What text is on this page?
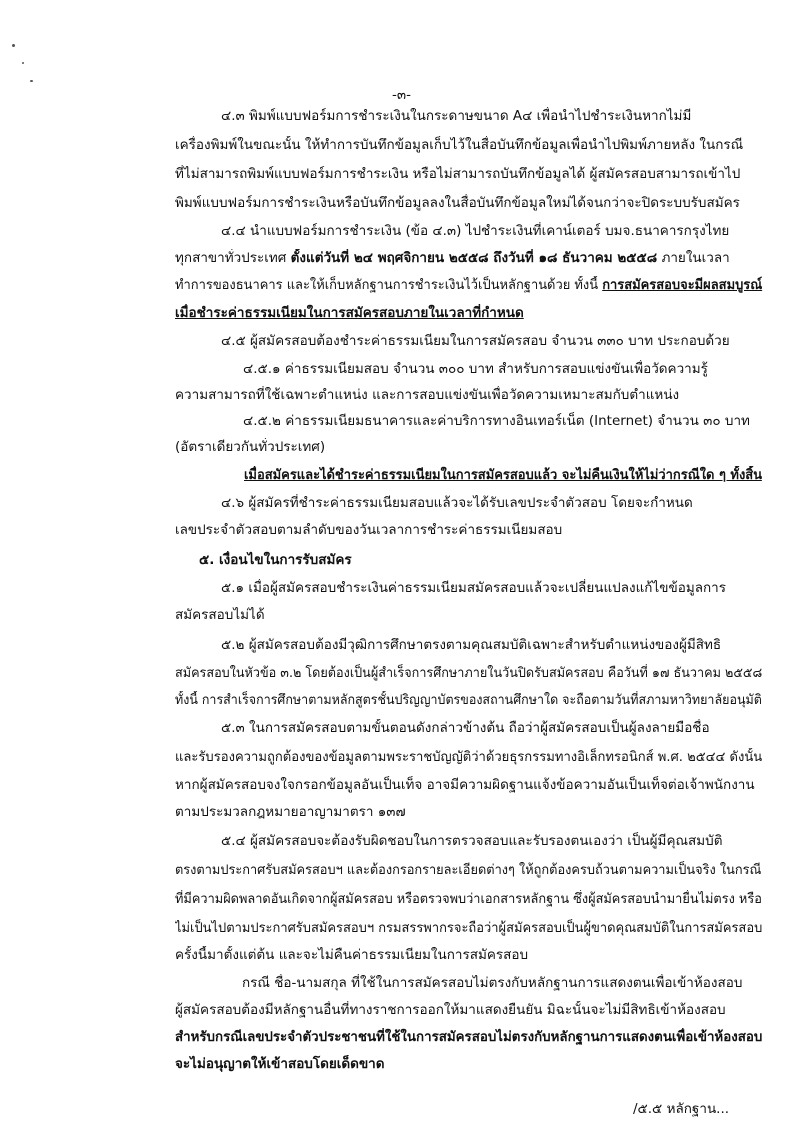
-๓-
๔.๓ พิมพ์แบบฟอร์มการชำระเงินในกระดาษขนาด A๔ เพื่อนำไปชำระเงินหากไม่มี
เครื่องพิมพ์ในขณะนั้น ให้ทำการบันทึกข้อมูลเก็บไว้ในสื่อบันทึกข้อมูลเพื่อนำไปพิมพ์ภายหลัง ในกรณี
ที่ไม่สามารถพิมพ์แบบฟอร์มการชำระเงิน หรือไม่สามารถบันทึกข้อมูลได้ ผู้สมัครสอบสามารถเข้าไป
พิมพ์แบบฟอร์มการชำระเงินหรือบันทึกข้อมูลลงในสื่อบันทึกข้อมูลใหม่ได้จนกว่าจะปิดระบบรับสมัคร
๔.๔ นำแบบฟอร์มการชำระเงิน (ข้อ ๔.๓) ไปชำระเงินที่เคาน์เตอร์ บมจ.ธนาคารกรุงไทย
ทุกสาขาทั่วประเทศ ตั้งแต่วันที่ ๒๔ พฤศจิกายน ๒๕๕๘ ถึงวันที่ ๑๘ ธันวาคม ๒๕๕๘ ภายในเวลา
ทำการของธนาคาร และให้เก็บหลักฐานการชำระเงินไว้เป็นหลักฐานด้วย ทั้งนี้ การสมัครสอบจะมีผลสมบูรณ์
เมื่อชำระค่าธรรมเนียมในการสมัครสอบภายในเวลาที่กำหนด
๔.๕ ผู้สมัครสอบต้องชำระค่าธรรมเนียมในการสมัครสอบ จำนวน ๓๓๐ บาท ประกอบด้วย
๔.๕.๑ ค่าธรรมเนียมสอบ จำนวน ๓๐๐ บาท สำหรับการสอบแข่งขันเพื่อวัดความรู้
ความสามารถที่ใช้เฉพาะตำแหน่ง และการสอบแข่งขันเพื่อวัดความเหมาะสมกับตำแหน่ง
๔.๕.๒ ค่าธรรมเนียมธนาคารและค่าบริการทางอินเทอร์เน็ต (Internet) จำนวน ๓๐ บาท
(อัตราเดียวกันทั่วประเทศ)
เมื่อสมัครและได้ชำระค่าธรรมเนียมในการสมัครสอบแล้ว จะไม่คืนเงินให้ไม่ว่ากรณีใด ๆ ทั้งสิ้น
๔.๖ ผู้สมัครที่ชำระค่าธรรมเนียมสอบแล้วจะได้รับเลขประจำตัวสอบ โดยจะกำหนด
เลขประจำตัวสอบตามลำดับของวันเวลาการชำระค่าธรรมเนียมสอบ
๕. เงื่อนไขในการรับสมัคร
๕.๑ เมื่อผู้สมัครสอบชำระเงินค่าธรรมเนียมสมัครสอบแล้วจะเปลี่ยนแปลงแก้ไขข้อมูลการ
สมัครสอบไม่ได้
๕.๒ ผู้สมัครสอบต้องมีวุฒิการศึกษาตรงตามคุณสมบัติเฉพาะสำหรับตำแหน่งของผู้มีสิทธิ
สมัครสอบในหัวข้อ ๓.๒ โดยต้องเป็นผู้สำเร็จการศึกษาภายในวันปิดรับสมัครสอบ คือวันที่ ๑๗ ธันวาคม ๒๕๕๘
ทั้งนี้ การสำเร็จการศึกษาตามหลักสูตรชั้นปริญญาบัตรของสถานศึกษาใด จะถือตามวันที่สภามหาวิทยาลัยอนุมัติ
๕.๓ ในการสมัครสอบตามขั้นตอนดังกล่าวข้างต้น ถือว่าผู้สมัครสอบเป็นผู้ลงลายมือชื่อ
และรับรองความถูกต้องของข้อมูลตามพระราชบัญญัติว่าด้วยธุรกรรมทางอิเล็กทรอนิกส์ พ.ศ. ๒๕๔๔ ดังนั้น
หากผู้สมัครสอบจงใจกรอกข้อมูลอันเป็นเท็จ อาจมีความผิดฐานแจ้งข้อความอันเป็นเท็จต่อเจ้าพนักงาน
ตามประมวลกฎหมายอาญามาตรา ๑๓๗
๕.๔ ผู้สมัครสอบจะต้องรับผิดชอบในการตรวจสอบและรับรองตนเองว่า เป็นผู้มีคุณสมบัติ
ตรงตามประกาศรับสมัครสอบฯ และต้องกรอกรายละเอียดต่างๆ ให้ถูกต้องครบถ้วนตามความเป็นจริง ในกรณี
ที่มีความผิดพลาดอันเกิดจากผู้สมัครสอบ หรือตรวจพบว่าเอกสารหลักฐาน ซึ่งผู้สมัครสอบนำมายื่นไม่ตรง หรือ
ไม่เป็นไปตามประกาศรับสมัครสอบฯ กรมสรรพากรจะถือว่าผู้สมัครสอบเป็นผู้ขาดคุณสมบัติในการสมัครสอบ
ครั้งนี้มาตั้งแต่ต้น และจะไม่คืนค่าธรรมเนียมในการสมัครสอบ
กรณี ชื่อ-นามสกุล ที่ใช้ในการสมัครสอบไม่ตรงกับหลักฐานการแสดงตนเพื่อเข้าห้องสอบ
ผู้สมัครสอบต้องมีหลักฐานอื่นที่ทางราชการออกให้มาแสดงยืนยัน มิฉะนั้นจะไม่มีสิทธิเข้าห้องสอบ
สำหรับกรณีเลขประจำตัวประชาชนที่ใช้ในการสมัครสอบไม่ตรงกับหลักฐานการแสดงตนเพื่อเข้าห้องสอบ
จะไม่อนุญาตให้เข้าสอบโดยเด็ดขาด
/๕.๕ หลักฐาน...
